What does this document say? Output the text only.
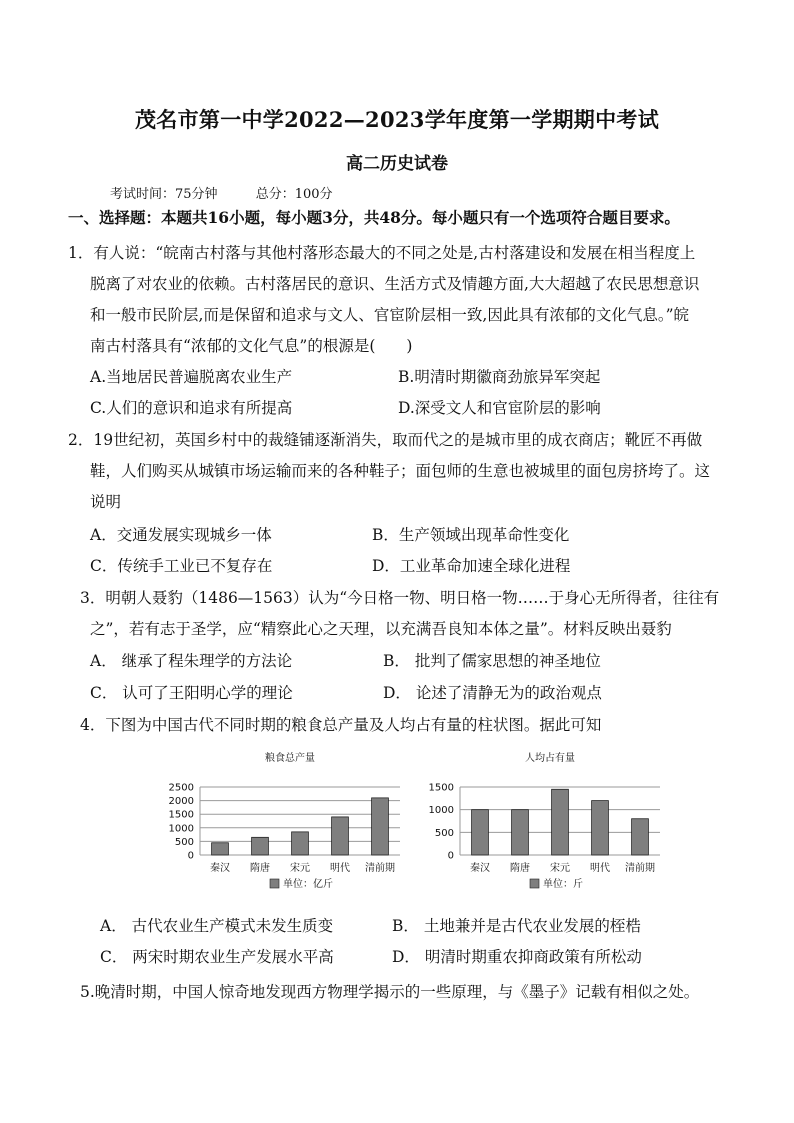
茂名市第一中学2022—2023学年度第一学期期中考试
高二历史试卷
考试时间：75分钟	总分：100分
一、选择题：本题共16小题，每小题3分，共48分。每小题只有一个选项符合题目要求。
1．有人说：“皖南古村落与其他村落形态最大的不同之处是,古村落建设和发展在相当程度上
脱离了对农业的依赖。古村落居民的意识、生活方式及情趣方面,大大超越了农民思想意识
和一般市民阶层,而是保留和追求与文人、官宦阶层相一致,因此具有浓郁的文化气息。”皖
南古村落具有“浓郁的文化气息”的根源是(　　)
A.当地居民普遍脱离农业生产	B.明清时期徽商劲旅异军突起
C.人们的意识和追求有所提高	D.深受文人和官宦阶层的影响
2．19世纪初，英国乡村中的裁缝铺逐渐消失，取而代之的是城市里的成衣商店；靴匠不再做
鞋，人们购买从城镇市场运输而来的各种鞋子；面包师的生意也被城里的面包房挤垮了。这
说明
A．交通发展实现城乡一体	B．生产领域出现革命性变化
C．传统手工业已不复存在	D．工业革命加速全球化进程
3．明朝人聂豹（1486—1563）认为“今日格一物、明日格一物……于身心无所得者，往往有
之”，若有志于圣学，应“精察此心之天理，以充满吾良知本体之量”。材料反映出聂豹
A． 继承了程朱理学的方法论	B． 批判了儒家思想的神圣地位
C． 认可了王阳明心学的理论	D． 论述了清静无为的政治观点
4．下图为中国古代不同时期的粮食总产量及人均占有量的柱状图。据此可知
粮食总产量
0
500
1000
1500
2000
2500
秦汉 隋唐 宋元 明代 清前期
单位：亿斤
人均占有量
0
500
1000
1500
秦汉 隋唐 宋元 明代 清前期
单位：斤
A． 古代农业生产模式未发生质变	B． 土地兼并是古代农业发展的桎梏
C． 两宋时期农业生产发展水平高	D． 明清时期重农抑商政策有所松动
5.晚清时期，中国人惊奇地发现西方物理学揭示的一些原理，与《墨子》记载有相似之处。
